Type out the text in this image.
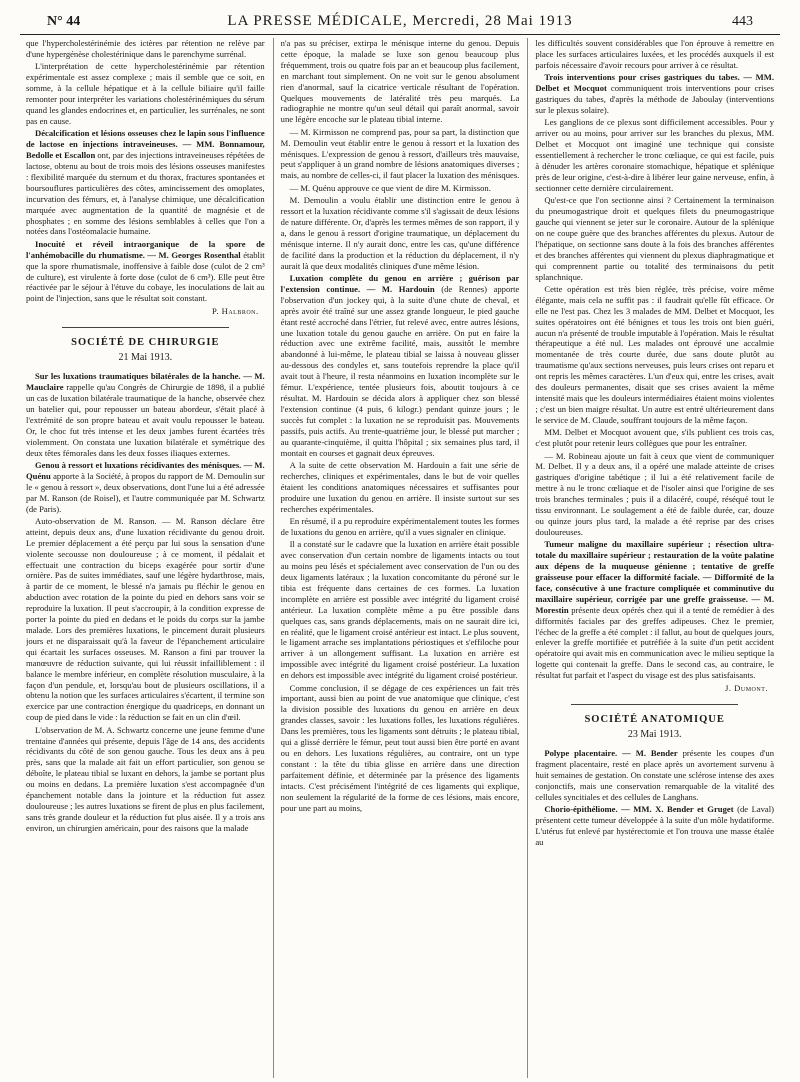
N° 44	LA PRESSE MÉDICALE, Mercredi, 28 Mai 1913	443

que l'hypercholestérinémie des ictères par rétention ne relève par d'une hypergénèse cholestérinique dans le parenchyme surrénal.

L'interprétation de cette hypercholestérinémie par rétention expérimentale est assez complexe ; mais il semble que ce soit, en somme, à la cellule hépatique et à la cellule biliaire qu'il faille remonter pour interpréter les variations cholestérinémiques du sérum quand les glandes endocrines et, en particulier, les surrénales, ne sont pas en cause.

Décalcification et lésions osseuses chez le lapin sous l'influence de lactose en injections intraveineuses. — MM. Bonnamour, Bedolle et Escallon ont, par des injections intraveineuses répétées de lactose, obtenu au bout de trois mois des lésions osseuses manifestes : flexibilité marquée du sternum et du thorax, fractures spontanées et boursouflures particulières des côtes, amincissement des omoplates, incurvation des fémurs, et, à l'analyse chimique, une décalcification marquée avec augmentation de la quantité de magnésie et de phosphates ; en somme des lésions semblables à celles que l'on a notées dans l'ostéomalacie humaine.

Inocuité et réveil intraorganique de la spore de l'anhémobacille du rhumatisme. — M. Georges Rosenthal établit que la spore rhumatismale, inoffensive à faible dose (culot de 2 cm³ de culture), est virulente à forte dose (culot de 6 cm³). Elle peut être réactivée par le séjour à l'étuve du cobaye, les inoculations de lait au point de l'injection, sans que le résultat soit constant.

P. Halbron.
SOCIÉTÉ DE CHIRURGIE
21 Mai 1913.

Sur les luxations traumatiques bilatérales de la hanche. — M. Mauclaire rappelle qu'au Congrès de Chirurgie de 1898, il a publié un cas de luxation bilatérale traumatique de la hanche, observée chez un batelier qui, pour repousser un bateau abordeur, s'était placé à l'extrémité de son propre bateau et avait voulu repousser le bateau. Or, le choc fut très intense et les deux jambes furent écartées très violemment. On constata une luxation bilatérale et symétrique des deux têtes fémorales dans les deux fosses iliaques externes.

Genou à ressort et luxations récidivantes des ménisques. — M. Quénu apporte à la Société, à propos du rapport de M. Demoulin sur le « genou à ressort », deux observations, dont l'une lui a été adressée par M. Ranson (de Roisel), et l'autre communiquée par M. Schwartz (de Paris).

Auto-observation de M. Ranson. — M. Ranson déclare être atteint, depuis deux ans, d'une luxation récidivante du genou droit. Le premier déplacement a été perçu par lui sous la sensation d'une violente secousse non douloureuse ; à ce moment, il pédalait et effectuait une contraction du biceps exagérée pour sortir d'une ornière. Pas de suites immédiates, sauf une légère hydarthrose, mais, à partir de ce moment, le blessé n'a jamais pu fléchir le genou en abduction avec rotation de la pointe du pied en dehors sans voir se reproduire la luxation. Il peut s'accroupir, à la condition expresse de porter la pointe du pied en dedans et le poids du corps sur la jambe malade. Lors des premières luxations, le pincement durait plusieurs jours et ne disparaissait qu'à la faveur de l'épanchement articulaire qui écartait les surfaces osseuses. M. Ranson a fini par trouver la manœuvre de réduction suivante, qui lui réussit infailliblement : il balance le membre inférieur, en complète résolution musculaire, à la façon d'un pendule, et, lorsqu'au bout de plusieurs oscillations, il a obtenu la notion que les surfaces articulaires s'écartent, il termine son exercice par une contraction énergique du quadriceps, en donnant un coup de pied dans le vide : la réduction se fait en un clin d'œil.

L'observation de M. A. Schwartz concerne une jeune femme d'une trentaine d'années qui présente, depuis l'âge de 14 ans, des accidents récidivants du côté de son genou gauche. Tous les deux ans à peu près, sans que la malade ait fait un effort particulier, son genou se déboîte, le plateau tibial se luxant en dehors, la jambe se portant plus ou moins en dedans. La première luxation s'est accompagnée d'un épanchement notable dans la jointure et la réduction fut assez douloureuse ; les autres luxations se firent de plus en plus facilement, sans très grande douleur et la réduction fut plus aisée. Il y a trois ans environ, un chirurgien américain, pour des raisons que la malade

n'a pas su préciser, extirpa le ménisque interne du genou. Depuis cette époque, la malade se luxe son genou beaucoup plus fréquemment, trois ou quatre fois par an et beaucoup plus facilement, en marchant tout simplement. On ne voit sur le genou absolument rien d'anormal, sauf la cicatrice verticale résultant de l'opération. Quelques mouvements de latéralité très peu marqués. La radiographie ne montre qu'un seul détail qui paraît anormal, savoir une légère encoche sur le plateau tibial interne.

— M. Kirmisson ne comprend pas, pour sa part, la distinction que M. Demoulin veut établir entre le genou à ressort et la luxation des ménisques. L'expression de genou à ressort, d'ailleurs très mauvaise, peut s'appliquer à un grand nombre de lésions anatomiques diverses ; mais, au nombre de celles-ci, il faut placer la luxation des ménisques.

— M. Quénu approuve ce que vient de dire M. Kirmisson.

M. Demoulin a voulu établir une distinction entre le genou à ressort et la luxation récidivante comme s'il s'agissait de deux lésions de nature différente. Or, d'après les termes mêmes de son rapport, il y a, dans le genou à ressort d'origine traumatique, un déplacement du ménisque interne. Il n'y aurait donc, entre les cas, qu'une différence de facilité dans la production et la réduction du déplacement, il n'y aurait là que deux modalités cliniques d'une même lésion.

Luxation complète du genou en arrière ; guérison par l'extension continue. — M. Hardouin (de Rennes) apporte l'observation d'un jockey qui, à la suite d'une chute de cheval, et après avoir été traîné sur une assez grande longueur, le pied gauche étant resté accroché dans l'étrier, fut relevé avec, entre autres lésions, une luxation totale du genou gauche en arrière. On put en faire la réduction avec une extrême facilité, mais, aussitôt le membre abandonné à lui-même, le plateau tibial se laissa à nouveau glisser au-dessous des condyles et, sans toutefois reprendre la place qu'il avait tout à l'heure, il resta néanmoins en luxation incomplète sur le fémur. L'expérience, tentée plusieurs fois, aboutit toujours à ce résultat. M. Hardouin se décida alors à appliquer chez son blessé l'extension continue (4 puis, 6 kilogr.) pendant quinze jours ; le succès fut complet : la luxation ne se reproduisit pas. Mouvements passifs, puis actifs. Au trente-quatrième jour, le blessé put marcher ; au quarante-cinquième, il quitta l'hôpital ; six semaines plus tard, il montait en courses et gagnait deux épreuves.

A la suite de cette observation M. Hardouin a fait une série de recherches, cliniques et expérimentales, dans le but de voir quelles étaient les conditions anatomiques nécessaires et suffisantes pour produire une luxation du genou en arrière. Il insiste surtout sur ses recherches expérimentales.

En résumé, il a pu reproduire expérimentalement toutes les formes de luxations du genou en arrière, qu'il a vues signaler en clinique.

Il a constaté sur le cadavre que la luxation en arrière était possible avec conservation d'un certain nombre de ligaments intacts ou tout au moins peu lésés et spécialement avec conservation de l'un ou des deux ligaments latéraux ; la luxation concomitante du péroné sur le tibia est fréquente dans certaines de ces formes. La luxation incomplète en arrière est possible avec intégrité du ligament croisé antérieur. La luxation complète même a pu être possible dans quelques cas, sans grands déplacements, mais on ne saurait dire ici, en réalité, que le ligament croisé antérieur est intact. Le plus souvent, le ligament arrache ses implantations périostiques et s'effiloche pour arriver à un allongement suffisant. La luxation en arrière est impossible avec intégrité du ligament croisé postérieur. La luxation en dehors est impossible avec intégrité du ligament croisé postérieur.

Comme conclusion, il se dégage de ces expériences un fait très important, aussi bien au point de vue anatomique que clinique, c'est la division possible des luxations du genou en arrière en deux grandes classes, savoir : les luxations folles, les luxations régulières. Dans les premières, tous les ligaments sont détruits ; le plateau tibial, qui a glissé derrière le fémur, peut tout aussi bien être porté en avant ou en dehors. Les luxations régulières, au contraire, ont un type constant : la tête du tibia glisse en arrière dans une direction parfaitement définie, et déterminée par la présence des ligaments intacts. C'est précisément l'intégrité de ces ligaments qui explique, non seulement la régularité de la forme de ces lésions, mais encore, pour une part au moins,

les difficultés souvent considérables que l'on éprouve à remettre en place les surfaces articulaires luxées, et les procédés auxquels il est parfois nécessaire d'avoir recours pour arriver à ce résultat.

Trois interventions pour crises gastriques du tabes. — MM. Delbet et Mocquot communiquent trois interventions pour crises gastriques du tabes, d'après la méthode de Jaboulay (interventions sur le plexus solaire).

Les ganglions de ce plexus sont difficilement accessibles. Pour y arriver ou au moins, pour arriver sur les branches du plexus, MM. Delbet et Mocquot ont imaginé une technique qui consiste essentiellement à rechercher le tronc cœliaque, ce qui est facile, puis à dénuder les artères coronaire stomachique, hépatique et splénique près de leur origine, c'est-à-dire à libérer leur gaine nerveuse, enfin, à sectionner cette dernière circulairement.

Qu'est-ce que l'on sectionne ainsi ? Certainement la terminaison du pneumogastrique droit et quelques filets du pneumogastrique gauche qui viennent se jeter sur le coronaire. Autour de la splénique on ne coupe guère que des branches afférentes du plexus. Autour de l'hépatique, on sectionne sans doute à la fois des branches afférentes et des branches afférentes qui viennent du plexus diaphragmatique et qui comprennent partie ou totalité des terminaisons du petit splanchnique.

Cette opération est très bien réglée, très précise, voire même élégante, mais cela ne suffit pas : il faudrait qu'elle fût efficace. Or elle ne l'est pas. Chez les 3 malades de MM. Delbet et Mocquot, les suites opératoires ont été bénignes et tous les trois ont bien guéri, aucun n'a présenté de trouble imputable à l'opération. Mais le résultat thérapeutique a été nul. Les malades ont éprouvé une accalmie momentanée de très courte durée, due sans doute plutôt au traumatisme qu'aux sections nerveuses, puis leurs crises ont reparu et ont repris les mêmes caractères. L'un d'eux qui, entre les crises, avait des douleurs permanentes, disait que ses crises avaient la même intensité mais que les douleurs intermédiaires étaient moins violentes ; c'est un bien maigre résultat. Un autre est entré ultérieurement dans le service de M. Claude, souffrant toujours de la même façon.

MM. Delbet et Mocquot avouent que, s'ils publient ces trois cas, c'est plutôt pour retenir leurs collègues que pour les entraîner.

— M. Robineau ajoute un fait à ceux que vient de communiquer M. Delbet. Il y a deux ans, il a opéré une malade atteinte de crises gastriques d'origine tabétique ; il lui a été relativement facile de mettre à nu le tronc cœliaque et de l'isoler ainsi que l'origine de ses trois branches terminales ; puis il a dilacéré, coupé, réséqué tout le tissu environnant. Le soulagement a été de faible durée, car, douze ou quinze jours plus tard, la malade a été reprise par des crises douloureuses.

Tumeur maligne du maxillaire supérieur ; résection ultra-totale du maxillaire supérieur ; restauration de la voûte palatine aux dépens de la muqueuse génienne ; tentative de greffe graisseuse pour effacer la difformité faciale. — Difformité de la face, consécutive à une fracture compliquée et comminutive du maxillaire supérieur, corrigée par une greffe graisseuse. — M. Morestin présente deux opérés chez qui il a tenté de remédier à des difformités faciales par des greffes adipeuses. Chez le premier, l'échec de la greffe a été complet : il fallut, au bout de quelques jours, enlever la greffe mortifiée et putréfiée à la suite d'un petit accident opératoire qui avait mis en communication avec le milieu septique la logette qui contenait la greffe. Dans le second cas, au contraire, le résultat fut parfait et l'aspect du visage est des plus satisfaisants.

J. Dumont.
SOCIÉTÉ ANATOMIQUE
23 Mai 1913.

Polype placentaire. — M. Bender présente les coupes d'un fragment placentaire, resté en place après un avortement survenu à huit semaines de gestation. On constate une sclérose intense des axes conjonctifs, mais une conservation remarquable de la vitalité des cellules syncitiales et des cellules de Langhans.

Chorio-épithéliome. — MM. X. Bender et Gruget (de Laval) présentent cette tumeur développée à la suite d'un môle hydatiforme. L'utérus fut enlevé par hystérectomie et l'on trouva une masse étalée au
